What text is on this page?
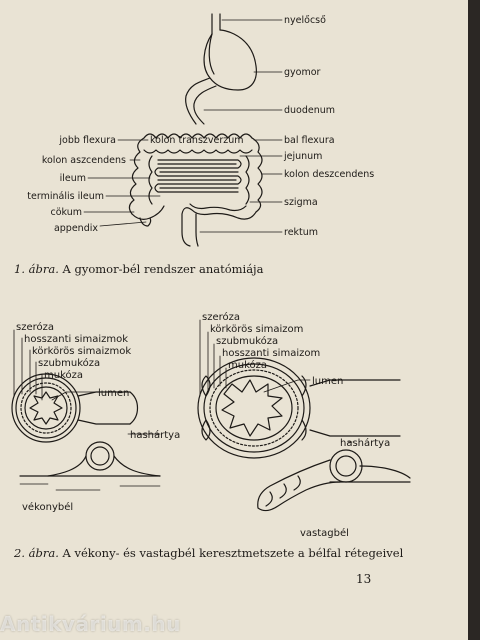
nyelőcső
gyomor
duodenum
bal flexura
jejunum
kolon deszcendens
szigma
rektum
jobb flexura
kolon aszcendens
ileum
terminális ileum
cökum
appendix
kolon transzverzum
szeróza
hosszanti simaizmok
körkörös simaizmok
szubmukóza
mukóza
lumen
hashártya
vékonybél
szeróza
körkörös simaizom
szubmukóza
hosszanti simaizom
mukóza
lumen
hashártya
vastagbél
1. ábra. A gyomor-bél rendszer anatómiája
2. ábra. A vékony- és vastagbél keresztmetszete a bélfal rétegeivel
13
Antikvárium.hu
